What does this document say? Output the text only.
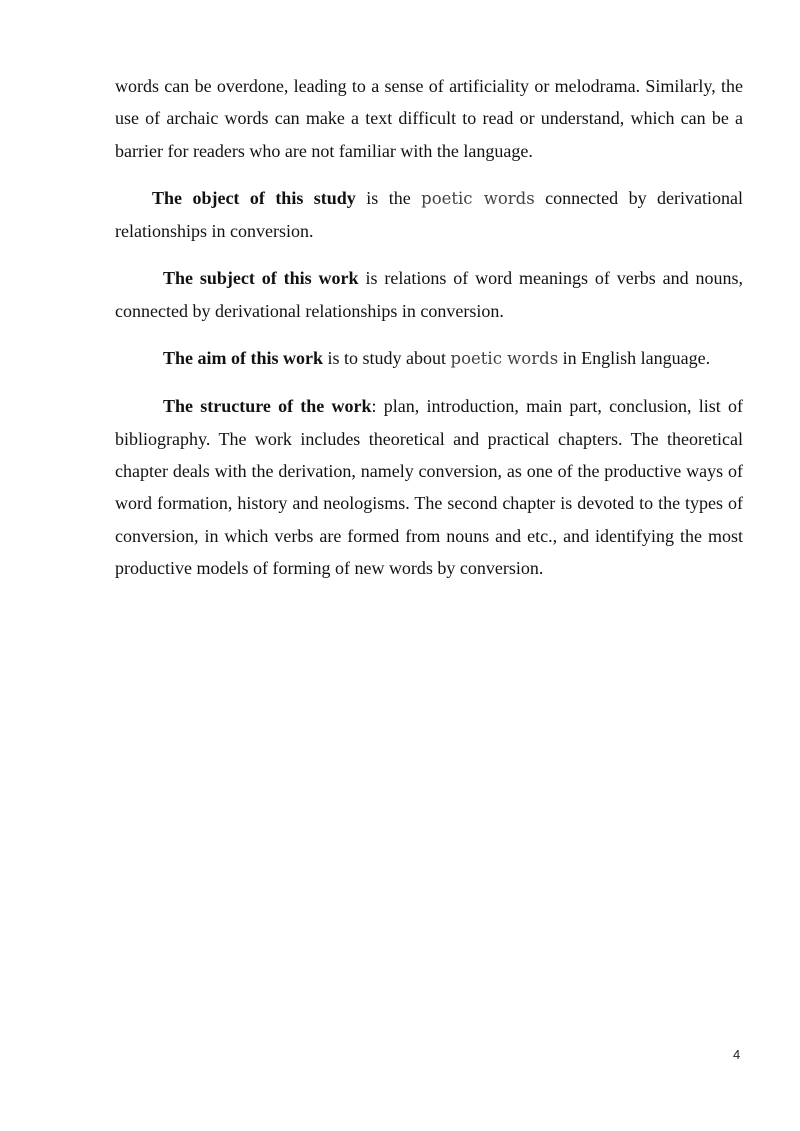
words can be overdone, leading to a sense of artificiality or melodrama. Similarly, the use of archaic words can make a text difficult to read or understand, which can be a barrier for readers who are not familiar with the language.

The object of this study is the poetic words connected by derivational relationships in conversion.

The subject of this work is relations of word meanings of verbs and nouns, connected by derivational relationships in conversion.

The aim of this work is to study about poetic words in English language.

The structure of the work: plan, introduction, main part, conclusion, list of bibliography. The work includes theoretical and practical chapters. The theoretical chapter deals with the derivation, namely conversion, as one of the productive ways of word formation, history and neologisms. The second chapter is devoted to the types of conversion, in which verbs are formed from nouns and etc., and identifying the most productive models of forming of new words by conversion.

4
